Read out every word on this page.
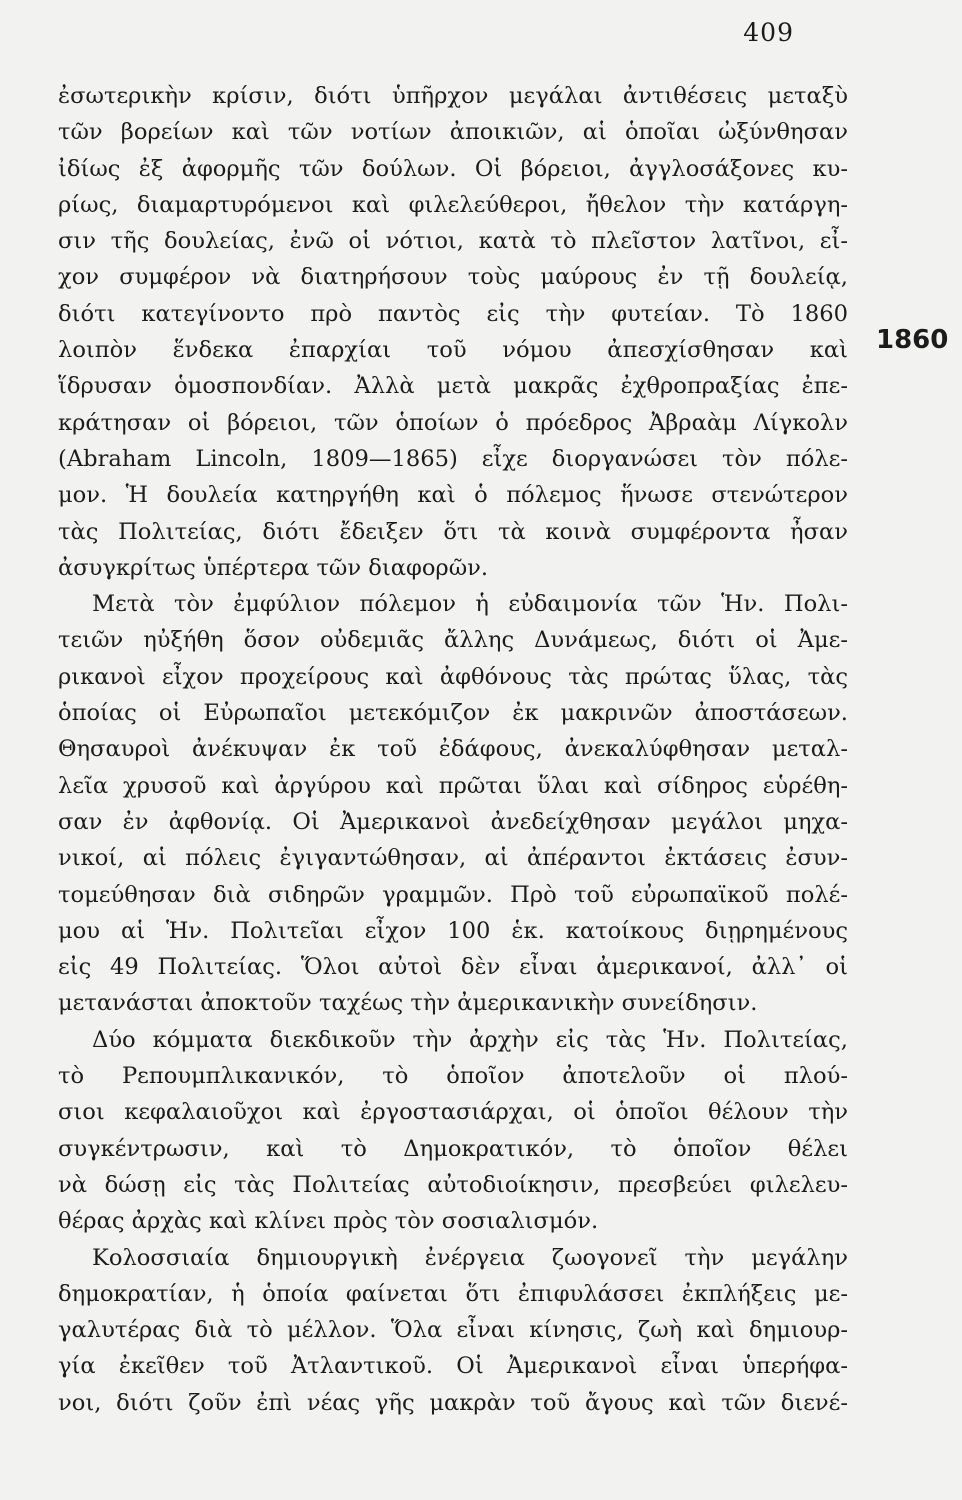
409
1860
ἐσωτερικὴν κρίσιν, διότι ὑπῆρχον μεγάλαι ἀντιθέσεις μεταξὺ
τῶν βορείων καὶ τῶν νοτίων ἀποικιῶν, αἱ ὁποῖαι ὠξύνθησαν
ἰδίως ἐξ ἀφορμῆς τῶν δούλων. Οἱ βόρειοι, ἀγγλοσάξονες κυ-
ρίως, διαμαρτυρόμενοι καὶ φιλελεύθεροι, ἤθελον τὴν κατάργη-
σιν τῆς δουλείας, ἐνῶ οἱ νότιοι, κατὰ τὸ πλεῖστον λατῖνοι, εἶ-
χον συμφέρον νὰ διατηρήσουν τοὺς μαύρους ἐν τῇ δουλείᾳ,
διότι κατεγίνοντο πρὸ παντὸς εἰς τὴν φυτείαν. Τὸ 1860
λοιπὸν ἕνδεκα ἐπαρχίαι τοῦ νόμου ἀπεσχίσθησαν καὶ
ἵδρυσαν ὁμοσπονδίαν. Ἀλλὰ μετὰ μακρᾶς ἐχθροπραξίας ἐπε-
κράτησαν οἱ βόρειοι, τῶν ὁποίων ὁ πρόεδρος Ἀβραὰμ Λίγκολν
(Abraham Lincoln, 1809—1865) εἶχε διοργανώσει τὸν πόλε-
μον. Ἡ δουλεία κατηργήθη καὶ ὁ πόλεμος ἥνωσε στενώτερον
τὰς Πολιτείας, διότι ἔδειξεν ὅτι τὰ κοινὰ συμφέροντα ἦσαν
ἀσυγκρίτως ὑπέρτερα τῶν διαφορῶν.
Μετὰ τὸν ἐμφύλιον πόλεμον ἡ εὐδαιμονία τῶν Ἡν. Πολι-
τειῶν ηὐξήθη ὅσον οὐδεμιᾶς ἄλλης Δυνάμεως, διότι οἱ Ἀμε-
ρικανοὶ εἶχον προχείρους καὶ ἀφθόνους τὰς πρώτας ὕλας, τὰς
ὁποίας οἱ Εὐρωπαῖοι μετεκόμιζον ἐκ μακρινῶν ἀποστάσεων.
Θησαυροὶ ἀνέκυψαν ἐκ τοῦ ἐδάφους, ἀνεκαλύφθησαν μεταλ-
λεῖα χρυσοῦ καὶ ἀργύρου καὶ πρῶται ὕλαι καὶ σίδηρος εὑρέθη-
σαν ἐν ἀφθονίᾳ. Οἱ Ἀμερικανοὶ ἀνεδείχθησαν μεγάλοι μηχα-
νικοί, αἱ πόλεις ἐγιγαντώθησαν, αἱ ἀπέραντοι ἐκτάσεις ἐσυν-
τομεύθησαν διὰ σιδηρῶν γραμμῶν. Πρὸ τοῦ εὐρωπαϊκοῦ πολέ-
μου αἱ Ἡν. Πολιτεῖαι εἶχον 100 ἑκ. κατοίκους διῃρημένους
εἰς 49 Πολιτείας. Ὅλοι αὐτοὶ δὲν εἶναι ἀμερικανοί, ἀλλ᾽ οἱ
μετανάσται ἀποκτοῦν ταχέως τὴν ἀμερικανικὴν συνείδησιν.
Δύο κόμματα διεκδικοῦν τὴν ἀρχὴν εἰς τὰς Ἡν. Πολιτείας,
τὸ Ρεπουμπλικανικόν, τὸ ὁποῖον ἀποτελοῦν οἱ πλού-
σιοι κεφαλαιοῦχοι καὶ ἐργοστασιάρχαι, οἱ ὁποῖοι θέλουν τὴν
συγκέντρωσιν, καὶ τὸ Δημοκρατικόν, τὸ ὁποῖον θέλει
νὰ δώσῃ εἰς τὰς Πολιτείας αὐτοδιοίκησιν, πρεσβεύει φιλελευ-
θέρας ἀρχὰς καὶ κλίνει πρὸς τὸν σοσιαλισμόν.
Κολοσσιαία δημιουργικὴ ἐνέργεια ζωογονεῖ τὴν μεγάλην
δημοκρατίαν, ἡ ὁποία φαίνεται ὅτι ἐπιφυλάσσει ἐκπλήξεις με-
γαλυτέρας διὰ τὸ μέλλον. Ὅλα εἶναι κίνησις, ζωὴ καὶ δημιουρ-
γία ἐκεῖθεν τοῦ Ἀτλαντικοῦ. Οἱ Ἀμερικανοὶ εἶναι ὑπερήφα-
νοι, διότι ζοῦν ἐπὶ νέας γῆς μακρὰν τοῦ ἄγους καὶ τῶν διενέ-
